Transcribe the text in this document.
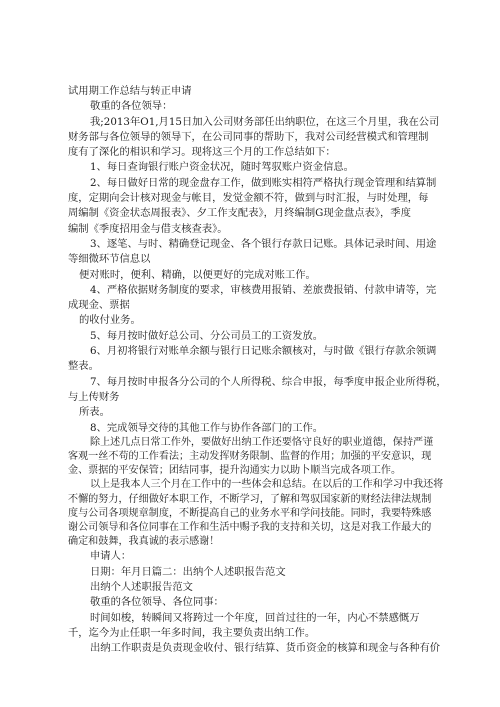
试用期工作总结与转正申请
敬重的各位领导：
我;2013年O1,月15日加入公司财务部任出纳职位，在这三个月里，我在公司
财务部与各位领导的领导下，在公司同事的帮助下，我对公司经营模式和管理制
度有了深化的相识和学习。现将这三个月的工作总结如下：
1、每日查询银行账户资金状况，随时驾驭账户资金信息。
2、每日做好日常的现金盘存工作，做到账实相符严格执行现金管理和结算制
度，定期向会计核对现金与帐目，发觉金额不符，做到与时汇报，与时处理，每
周编制《资金状态周报表》、夕工作支配表》，月终编制G现金盘点表》，季度
编制《季度招用金与借支核查表》。
3、逐笔、与时、精确登记现金、各个银行存款日记账。具体记录时间、用途
等细微环节信息以
便对账时，便利、精确，以便更好的完成对账工作。
4、严格依据财务制度的要求，审核费用报销、差旅费报销、付款申请等，完
成现金、票据
的收付业务。
5、每月按时做好总公司、分公司员工的工资发放。
6、月初将银行对账单余额与银行日记账余额核对，与时做《银行存款余领调
整表。
7、每月按时申报各分公司的个人所得税、综合申报，每季度申报企业所得税，
与上传财务
所表。
8、完成领导交待的其他工作与协作各部门的工作。
除上述几点日常工作外，要做好出纳工作还要恪守良好的职业道德，保持严谨
客观一丝不苟的工作看法；主动发挥财务限制、监督的作用；加强的平安意识，现
金、票据的平安保管；团结同事，提升沟通实力以助卜顺当完成各项工作。
以上是我本人三个月在工作中的一些体会和总结。在以后的工作和学习中我还将
不懈的努力，仔细做好本职工作，不断学习，了解和驾驭国家新的财经法律法规制
度与公司各项规章制度，不断提高自己的业务水平和学问技能。同时，我要特殊感
谢公司领导和各位同事在工作和生活中赐予我的支持和关切，这是对我工作最大的
确定和鼓舞，我真诚的表示感谢！
申请人：
日期：年月日篇二：出纳个人述职报告范文
出纳个人述职报告范文
敬重的各位领导、各位同事：
时间如梭，转瞬间又将跨过一个年度，回首过往的一年，内心不禁感慨万
千，迄今为止任职一年多时间，我主要负责出纳工作。
出纳工作职责是负责现金收付、银行结算、货币资金的核算和现金与各种有价
